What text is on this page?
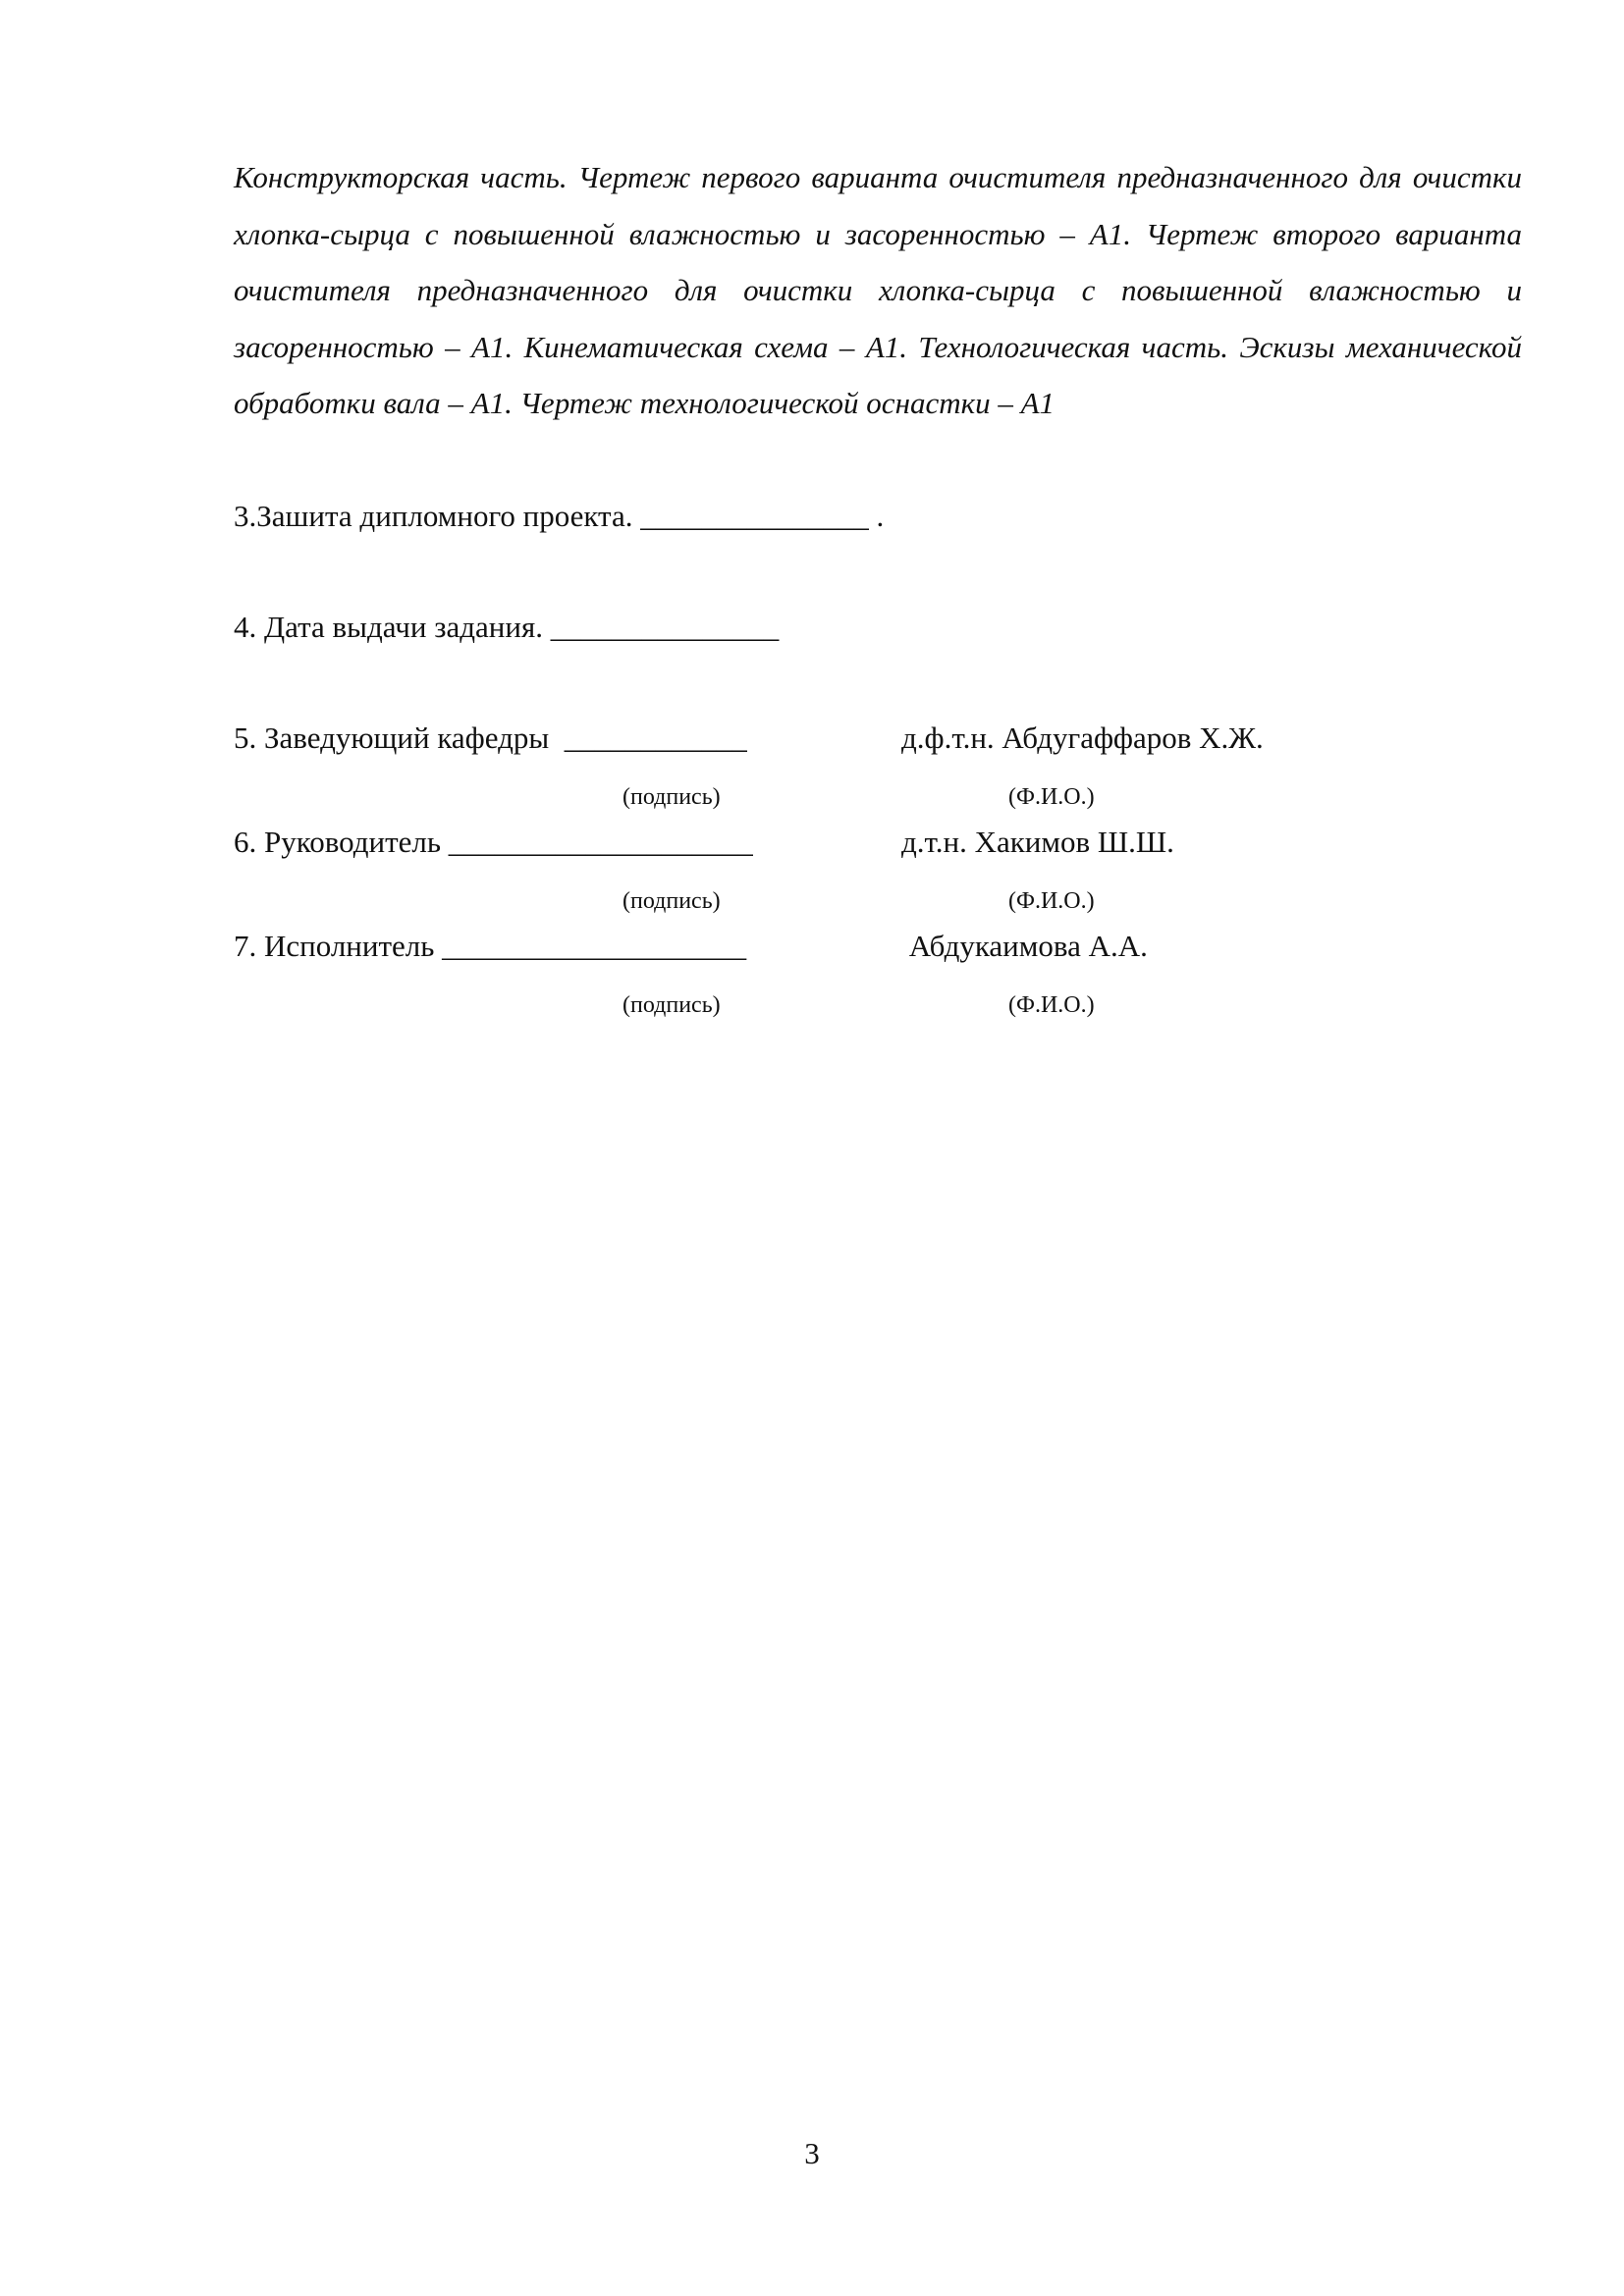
Конструкторская часть. Чертеж первого варианта очистителя предназначенного для очистки хлопка-сырца с повышенной влажностью и засоренностью – А1. Чертеж второго варианта очистителя предназначенного для очистки хлопка-сырца с повышенной влажностью и засоренностью – А1. Кинематическая схема – А1. Технологическая часть. Эскизы механической обработки вала – А1. Чертеж технологической оснастки – А1

3.Зашита дипломного проекта. _______________ .
4. Дата выдачи задания. _______________
5. Заведующий кафедры  ____________	д.ф.т.н. Абдугаффаров Х.Ж.
(подпись)	(Ф.И.О.)
6. Руководитель ____________________	д.т.н. Хакимов Ш.Ш.
(подпись)	(Ф.И.О.)
7. Исполнитель ____________________	Абдукаимова А.А.
(подпись)	(Ф.И.О.)
3
